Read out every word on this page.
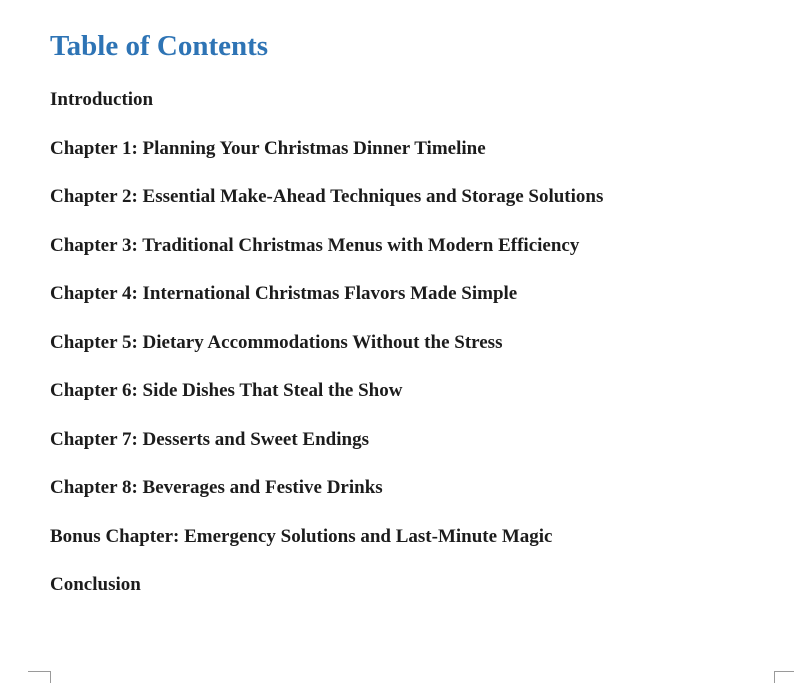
Table of Contents
Introduction
Chapter 1: Planning Your Christmas Dinner Timeline
Chapter 2: Essential Make-Ahead Techniques and Storage Solutions
Chapter 3: Traditional Christmas Menus with Modern Efficiency
Chapter 4: International Christmas Flavors Made Simple
Chapter 5: Dietary Accommodations Without the Stress
Chapter 6: Side Dishes That Steal the Show
Chapter 7: Desserts and Sweet Endings
Chapter 8: Beverages and Festive Drinks
Bonus Chapter: Emergency Solutions and Last-Minute Magic
Conclusion
